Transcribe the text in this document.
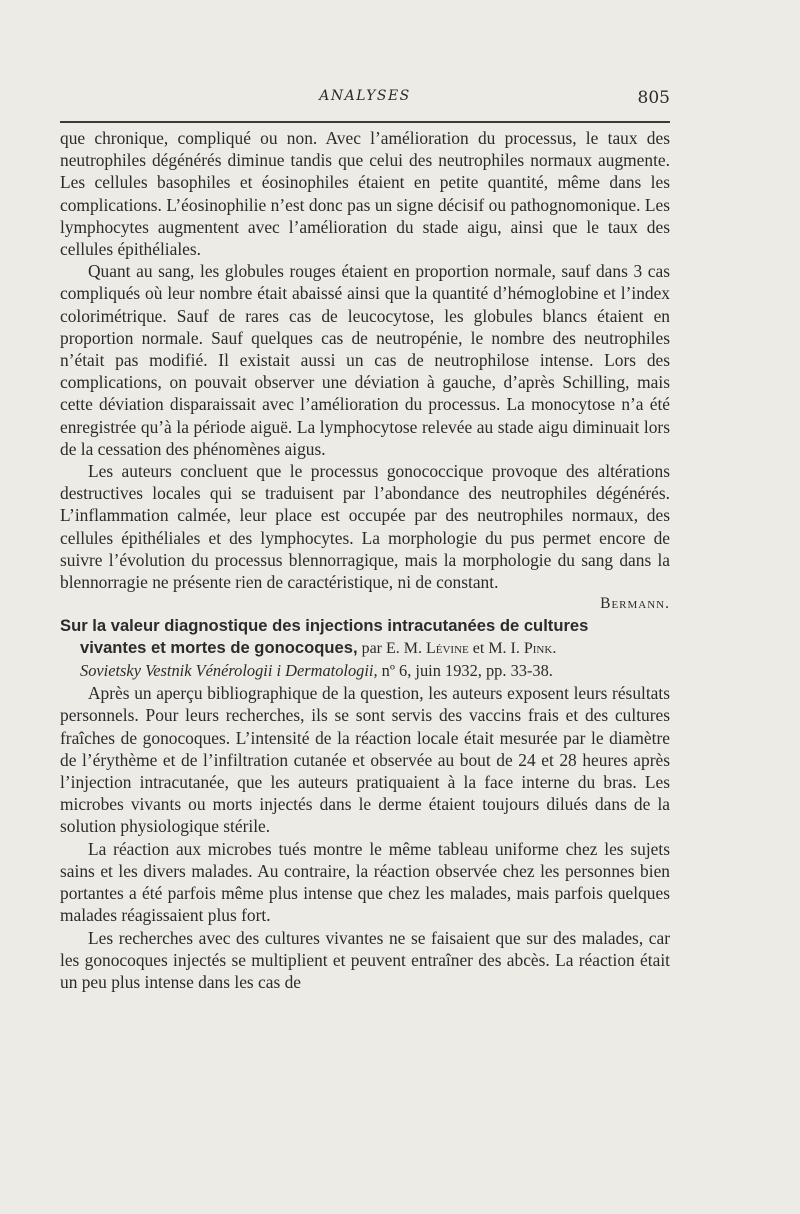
ANALYSES	805

que chronique, compliqué ou non. Avec l’amélioration du processus, le taux des neutrophiles dégénérés diminue tandis que celui des neutrophiles normaux augmente. Les cellules basophiles et éosinophiles étaient en petite quantité, même dans les complications. L’éosinophilie n’est donc pas un signe décisif ou pathognomonique. Les lymphocytes augmentent avec l’amélioration du stade aigu, ainsi que le taux des cellules épithéliales.

Quant au sang, les globules rouges étaient en proportion normale, sauf dans 3 cas compliqués où leur nombre était abaissé ainsi que la quantité d’hémoglobine et l’index colorimétrique. Sauf de rares cas de leucocytose, les globules blancs étaient en proportion normale. Sauf quelques cas de neutropénie, le nombre des neutrophiles n’était pas modifié. Il existait aussi un cas de neutrophilose intense. Lors des complications, on pouvait observer une déviation à gauche, d’après Schilling, mais cette déviation disparaissait avec l’amélioration du processus. La monocytose n’a été enregistrée qu’à la période aiguë. La lymphocytose relevée au stade aigu diminuait lors de la cessation des phénomènes aigus.

Les auteurs concluent que le processus gonococcique provoque des altérations destructives locales qui se traduisent par l’abondance des neutrophiles dégénérés. L’inflammation calmée, leur place est occupée par des neutrophiles normaux, des cellules épithéliales et des lymphocytes. La morphologie du pus permet encore de suivre l’évolution du processus blennorragique, mais la morphologie du sang dans la blennorragie ne présente rien de caractéristique, ni de constant.

Bermann.

Sur la valeur diagnostique des injections intracutanées de cultures
vivantes et mortes de gonocoques, par E. M. Lévine et M. I. Pink.

Sovietsky Vestnik Vénérologii i Dermatologii, nº 6, juin 1932, pp. 33-38.

Après un aperçu bibliographique de la question, les auteurs exposent leurs résultats personnels. Pour leurs recherches, ils se sont servis des vaccins frais et des cultures fraîches de gonocoques. L’intensité de la réaction locale était mesurée par le diamètre de l’érythème et de l’infiltration cutanée et observée au bout de 24 et 28 heures après l’injection intracutanée, que les auteurs pratiquaient à la face interne du bras. Les microbes vivants ou morts injectés dans le derme étaient toujours dilués dans de la solution physiologique stérile.

La réaction aux microbes tués montre le même tableau uniforme chez les sujets sains et les divers malades. Au contraire, la réaction observée chez les personnes bien portantes a été parfois même plus intense que chez les malades, mais parfois quelques malades réagissaient plus fort.

Les recherches avec des cultures vivantes ne se faisaient que sur des malades, car les gonocoques injectés se multiplient et peuvent entraîner des abcès. La réaction était un peu plus intense dans les cas de
